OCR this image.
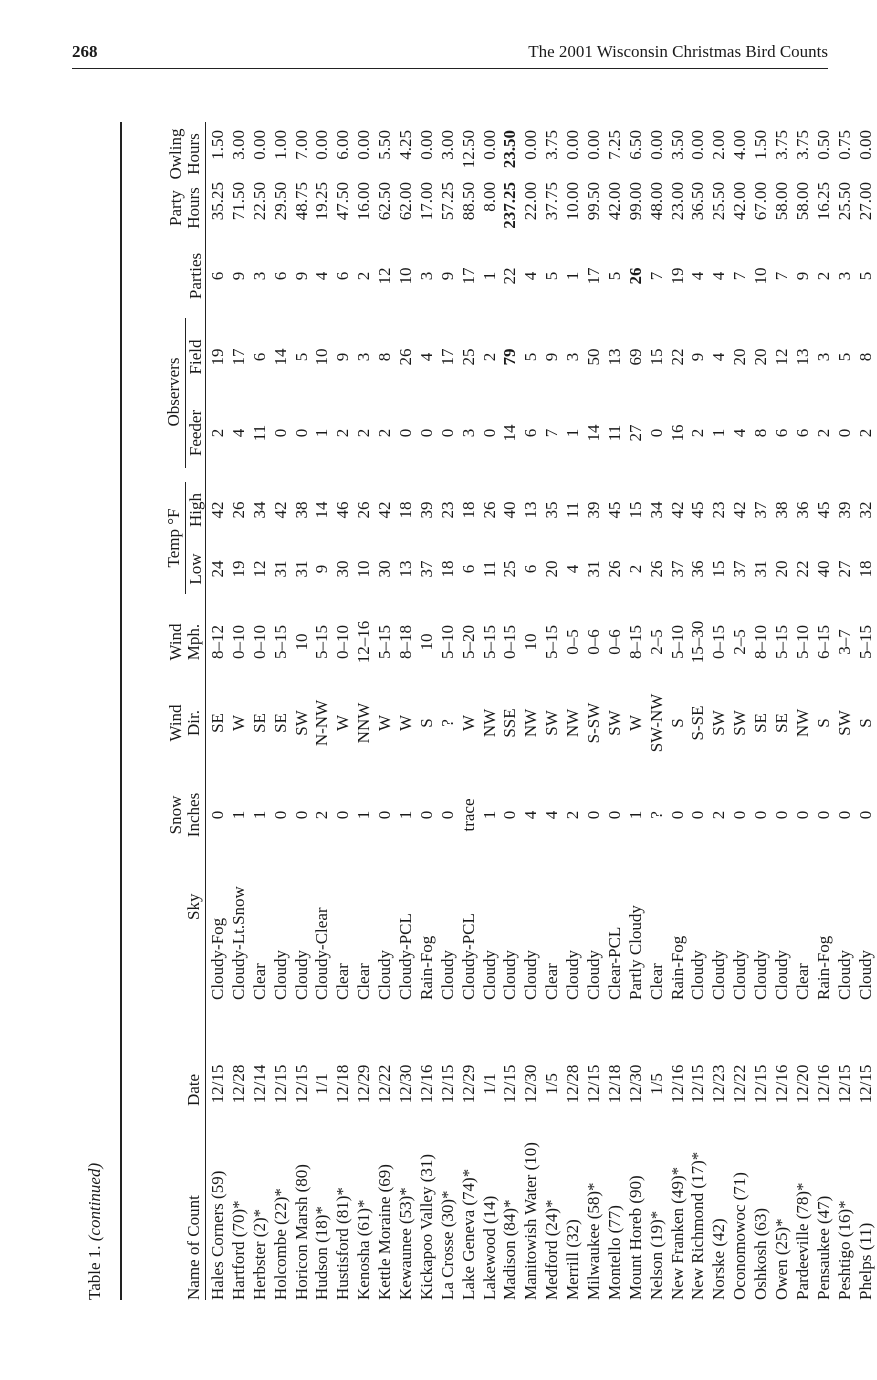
268	The 2001 Wisconsin Christmas Bird Counts
Table 1. (continued)	Name of Count
Date
Sky
Snow Inches
Wind Dir.
Wind Mph.
Temp °F
Low
High
Observers
Feeder
Field
Parties
Party Hours
Owling Hours
Hales Corners (59)
12/15
Cloudy-Fog
0
SE
8–12
24
42
2
19
6
35.25
1.50
Hartford (70)*
12/28
Cloudy-Lt.Snow
1
W
0–10
19
26
4
17
9
71.50
3.00
Herbster (2)*
12/14
Clear
1
SE
0–10
12
34
11
6
3
22.50
0.00
Holcombe (22)*
12/15
Cloudy
0
SE
5–15
31
42
0
14
6
29.50
1.00
Horicon Marsh (80)
12/15
Cloudy
0
SW
10
31
38
0
5
9
48.75
7.00
Hudson (18)*
1/1
Cloudy-Clear
2
N-NW
5–15
9
14
1
10
4
19.25
0.00
Hustisford (81)*
12/18
Clear
0
W
0–10
30
46
2
9
6
47.50
6.00
Kenosha (61)*
12/29
Clear
1
NNW
12–16
10
26
2
3
2
16.00
0.00
Kettle Moraine (69)
12/22
Cloudy
0
W
5–15
30
42
2
8
12
62.50
5.50
Kewaunee (53)*
12/30
Cloudy-PCL
1
W
8–18
13
18
0
26
10
62.00
4.25
Kickapoo Valley (31)
12/16
Rain-Fog
0
S
10
37
39
0
4
3
17.00
0.00
La Crosse (30)*
12/15
Cloudy
0
?
5–10
18
23
0
17
9
57.25
3.00
Lake Geneva (74)*
12/29
Cloudy-PCL
trace
W
5–20
6
18
3
25
17
88.50
12.50
Lakewood (14)
1/1
Cloudy
1
NW
5–15
11
26
0
2
1
8.00
0.00
Madison (84)*
12/15
Cloudy
0
SSE
0–15
25
40
14
79
22
237.25
23.50
Manitowish Water (10)
12/30
Cloudy
4
NW
10
6
13
6
5
4
22.00
0.00
Medford (24)*
1/5
Clear
4
SW
5–15
20
35
7
9
5
37.75
3.75
Merrill (32)
12/28
Cloudy
2
NW
0–5
4
11
1
3
1
10.00
0.00
Milwaukee (58)*
12/15
Cloudy
0
S-SW
0–6
31
39
14
50
17
99.50
0.00
Montello (77)
12/18
Clear-PCL
0
SW
0–6
26
45
11
13
5
42.00
7.25
Mount Horeb (90)
12/30
Partly Cloudy
1
W
8–15
2
15
27
69
26
99.00
6.50
Nelson (19)*
1/5
Clear
?
SW-NW
2–5
26
34
0
15
7
48.00
0.00
New Franken (49)*
12/16
Rain-Fog
0
S
5–10
37
42
16
22
19
23.00
3.50
New Richmond (17)*
12/15
Cloudy
0
S-SE
15–30
36
45
2
9
4
36.50
0.00
Norske (42)
12/23
Cloudy
2
SW
0–15
15
23
1
4
4
25.50
2.00
Oconomowoc (71)
12/22
Cloudy
0
SW
2–5
37
42
4
20
7
42.00
4.00
Oshkosh (63)
12/15
Cloudy
0
SE
8–10
31
37
8
20
10
67.00
1.50
Owen (25)*
12/16
Cloudy
0
SE
5–15
20
38
6
12
7
58.00
3.75
Pardeeville (78)*
12/20
Clear
0
NW
5–10
22
36
6
13
9
58.00
3.75
Pensaukee (47)
12/16
Rain-Fog
0
S
6–15
40
45
2
3
2
16.25
0.50
Peshtigo (16)*
12/15
Cloudy
0
SW
3–7
27
39
0
5
3
25.50
0.75
Phelps (11)
12/15
Cloudy
0
S
5–15
18
32
2
8
5
27.00
0.00
